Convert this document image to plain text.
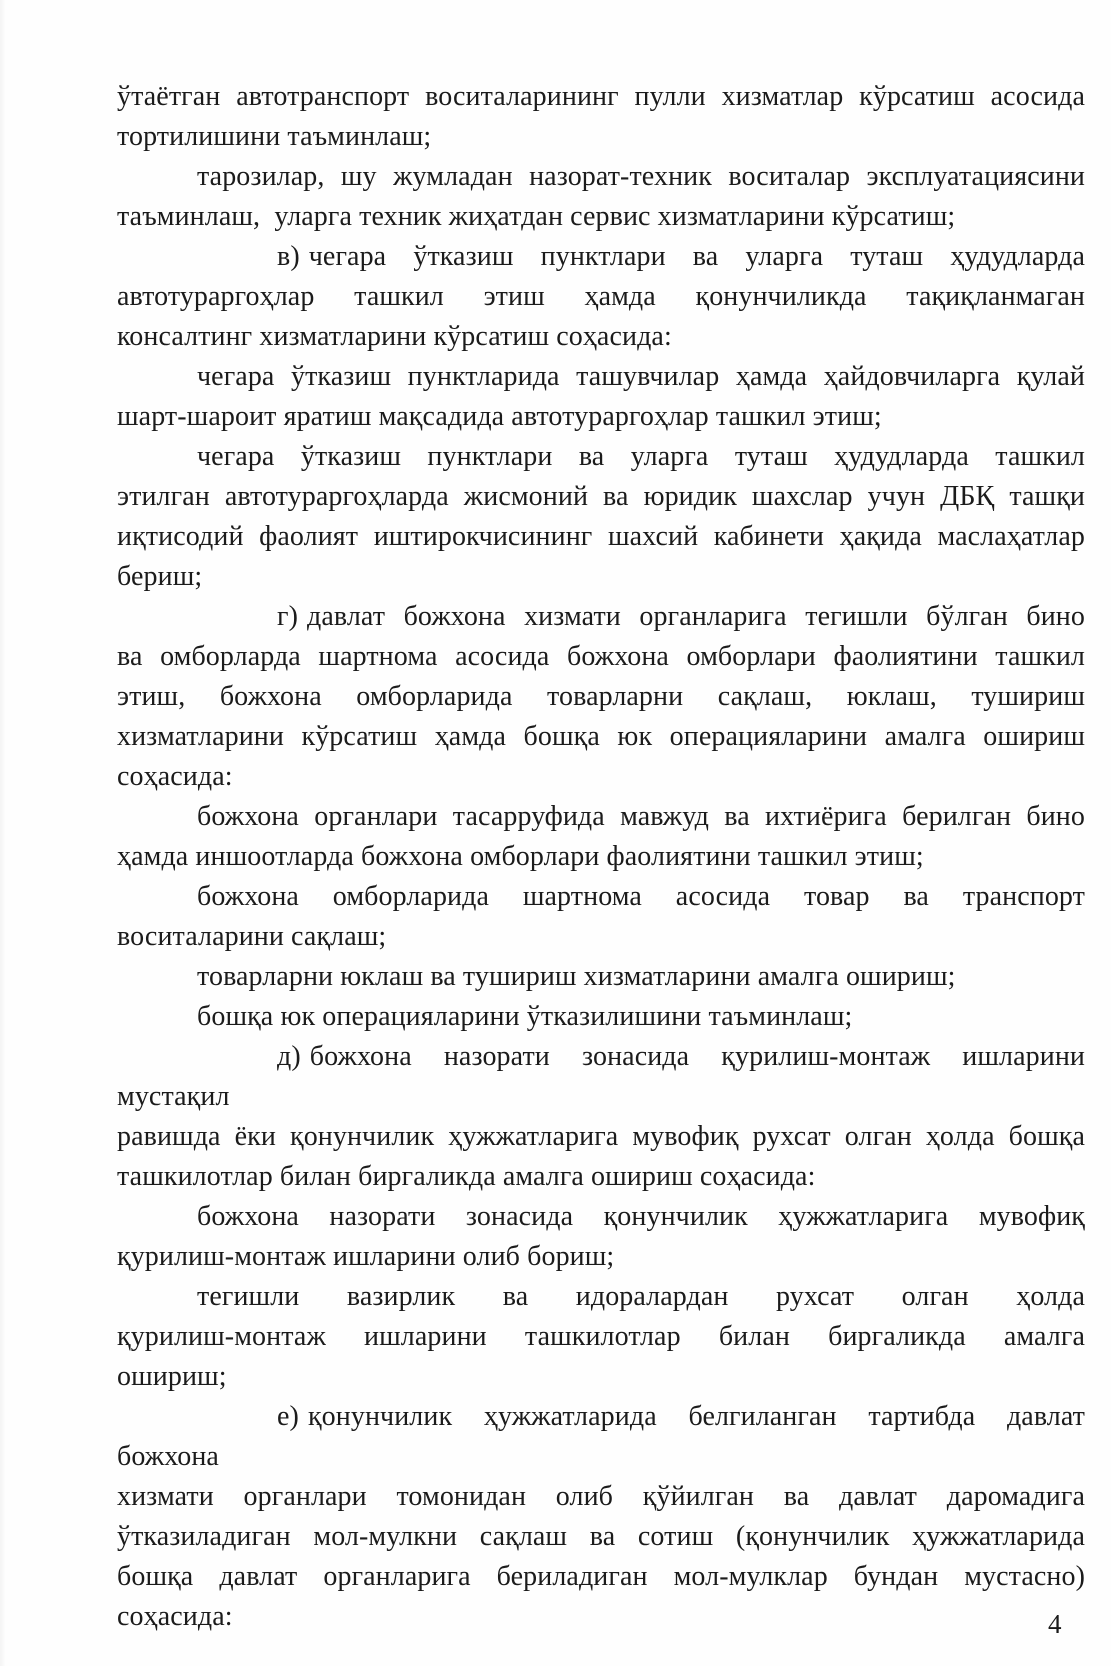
ўтаётган автотранспорт воситаларининг пулли хизматлар кўрсатиш асосида
тортилишини таъминлаш;
тарозилар, шу жумладан назорат-техник воситалар эксплуатациясини
таъминлаш,  уларга техник жиҳатдан сервис хизматларини кўрсатиш;
в) чегара ўтказиш пунктлари ва уларга туташ ҳудудларда
автотураргоҳлар ташкил этиш ҳамда қонунчиликда тақиқланмаган
консалтинг хизматларини кўрсатиш соҳасида:
чегара ўтказиш пунктларида ташувчилар ҳамда ҳайдовчиларга қулай
шарт-шароит яратиш мақсадида автотураргоҳлар ташкил этиш;
чегара ўтказиш пунктлари ва уларга туташ ҳудудларда ташкил
этилган автотураргоҳларда жисмоний ва юридик шахслар учун ДБҚ ташқи
иқтисодий фаолият иштирокчисининг шахсий кабинети ҳақида маслаҳатлар
бериш;
г) давлат божхона хизмати органларига тегишли бўлган бино
ва омборларда шартнома асосида божхона омборлари фаолиятини ташкил
этиш, божхона омборларида товарларни сақлаш, юклаш, тушириш
хизматларини кўрсатиш ҳамда бошқа юк операцияларини амалга ошириш
соҳасида:
божхона органлари тасарруфида мавжуд ва ихтиёрига берилган бино
ҳамда иншоотларда божхона омборлари фаолиятини ташкил этиш;
божхона омборларида шартнома асосида товар ва транспорт
воситаларини сақлаш;
товарларни юклаш ва тушириш хизматларини амалга ошириш;
бошқа юк операцияларини ўтказилишини таъминлаш;
д) божхона назорати зонасида қурилиш-монтаж ишларини мустақил
равишда ёки қонунчилик ҳужжатларига мувофиқ рухсат олган ҳолда бошқа
ташкилотлар билан биргаликда амалга ошириш соҳасида:
божхона назорати зонасида қонунчилик ҳужжатларига мувофиқ
қурилиш-монтаж ишларини олиб бориш;
тегишли вазирлик ва идоралардан рухсат олган ҳолда
қурилиш-монтаж ишларини ташкилотлар билан биргаликда амалга
ошириш;
е) қонунчилик ҳужжатларида белгиланган тартибда давлат божхона
хизмати органлари томонидан олиб қўйилган ва давлат даромадига
ўтказиладиган мол-мулкни сақлаш ва сотиш (қонунчилик ҳужжатларида
бошқа давлат органларига бериладиган мол-мулклар бундан мустасно)
соҳасида:	4
